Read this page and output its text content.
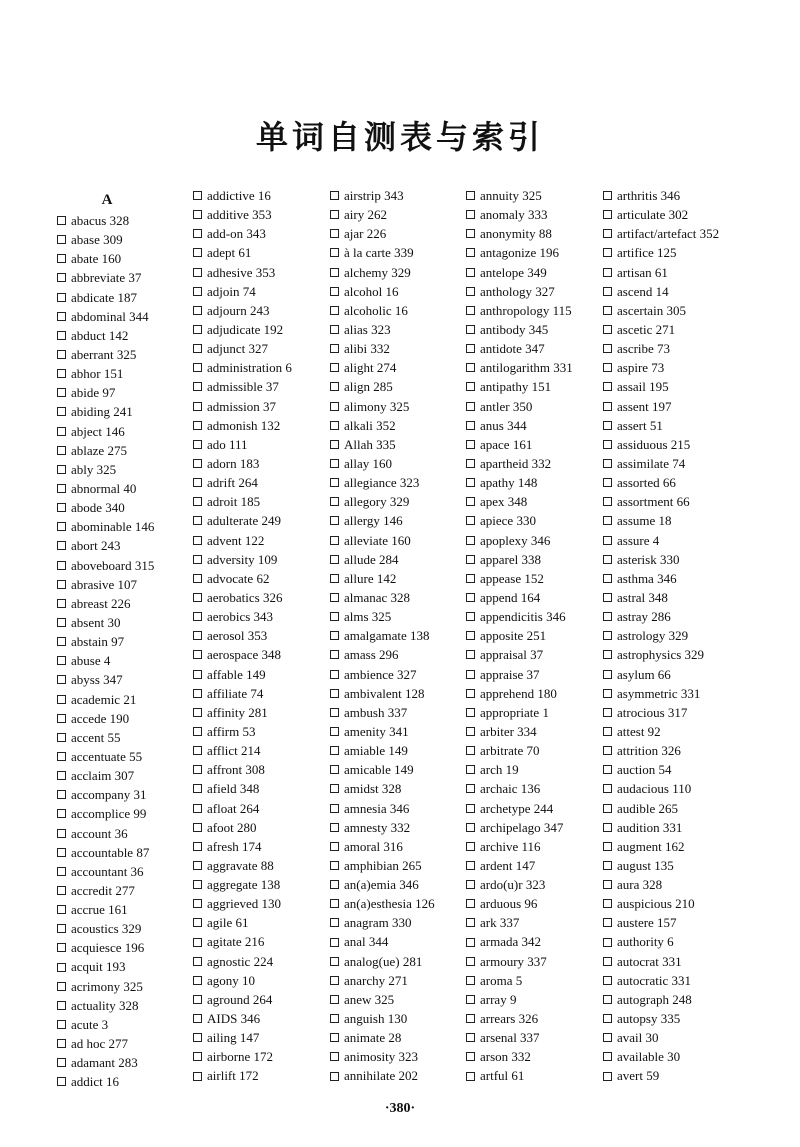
单词自测表与索引
A
abacus 328
abase 309
abate 160
abbreviate 37
abdicate 187
abdominal 344
abduct 142
aberrant 325
abhor 151
abide 97
abiding 241
abject 146
ablaze 275
ably 325
abnormal 40
abode 340
abominable 146
abort 243
aboveboard 315
abrasive 107
abreast 226
absent 30
abstain 97
abuse 4
abyss 347
academic 21
accede 190
accent 55
accentuate 55
acclaim 307
accompany 31
accomplice 99
account 36
accountable 87
accountant 36
accredit 277
accrue 161
acoustics 329
acquiesce 196
acquit 193
acrimony 325
actuality 328
acute 3
ad hoc 277
adamant 283
addict 16
addictive 16
additive 353
add-on 343
adept 61
adhesive 353
adjoin 74
adjourn 243
adjudicate 192
adjunct 327
administration 6
admissible 37
admission 37
admonish 132
ado 111
adorn 183
adrift 264
adroit 185
adulterate 249
advent 122
adversity 109
advocate 62
aerobatics 326
aerobics 343
aerosol 353
aerospace 348
affable 149
affiliate 74
affinity 281
affirm 53
afflict 214
affront 308
afield 348
afloat 264
afoot 280
afresh 174
aggravate 88
aggregate 138
aggrieved 130
agile 61
agitate 216
agnostic 224
agony 10
aground 264
AIDS 346
ailing 147
airborne 172
airlift 172
airstrip 343
airy 262
ajar 226
à la carte 339
alchemy 329
alcohol 16
alcoholic 16
alias 323
alibi 332
alight 274
align 285
alimony 325
alkali 352
Allah 335
allay 160
allegiance 323
allegory 329
allergy 146
alleviate 160
allude 284
allure 142
almanac 328
alms 325
amalgamate 138
amass 296
ambience 327
ambivalent 128
ambush 337
amenity 341
amiable 149
amicable 149
amidst 328
amnesia 346
amnesty 332
amoral 316
amphibian 265
an(a)emia 346
an(a)esthesia 126
anagram 330
anal 344
analog(ue) 281
anarchy 271
anew 325
anguish 130
animate 28
animosity 323
annihilate 202
annuity 325
anomaly 333
anonymity 88
antagonize 196
antelope 349
anthology 327
anthropology 115
antibody 345
antidote 347
antilogarithm 331
antipathy 151
antler 350
anus 344
apace 161
apartheid 332
apathy 148
apex 348
apiece 330
apoplexy 346
apparel 338
appease 152
append 164
appendicitis 346
apposite 251
appraisal 37
appraise 37
apprehend 180
appropriate 1
arbiter 334
arbitrate 70
arch 19
archaic 136
archetype 244
archipelago 347
archive 116
ardent 147
ardo(u)r 323
arduous 96
ark 337
armada 342
armoury 337
aroma 5
array 9
arrears 326
arsenal 337
arson 332
artful 61
arthritis 346
articulate 302
artifact/artefact 352
artifice 125
artisan 61
ascend 14
ascertain 305
ascetic 271
ascribe 73
aspire 73
assail 195
assent 197
assert 51
assiduous 215
assimilate 74
assorted 66
assortment 66
assume 18
assure 4
asterisk 330
asthma 346
astral 348
astray 286
astrology 329
astrophysics 329
asylum 66
asymmetric 331
atrocious 317
attest 92
attrition 326
auction 54
audacious 110
audible 265
audition 331
augment 162
august 135
aura 328
auspicious 210
austere 157
authority 6
autocrat 331
autocratic 331
autograph 248
autopsy 335
avail 30
available 30
avert 59

·380·
